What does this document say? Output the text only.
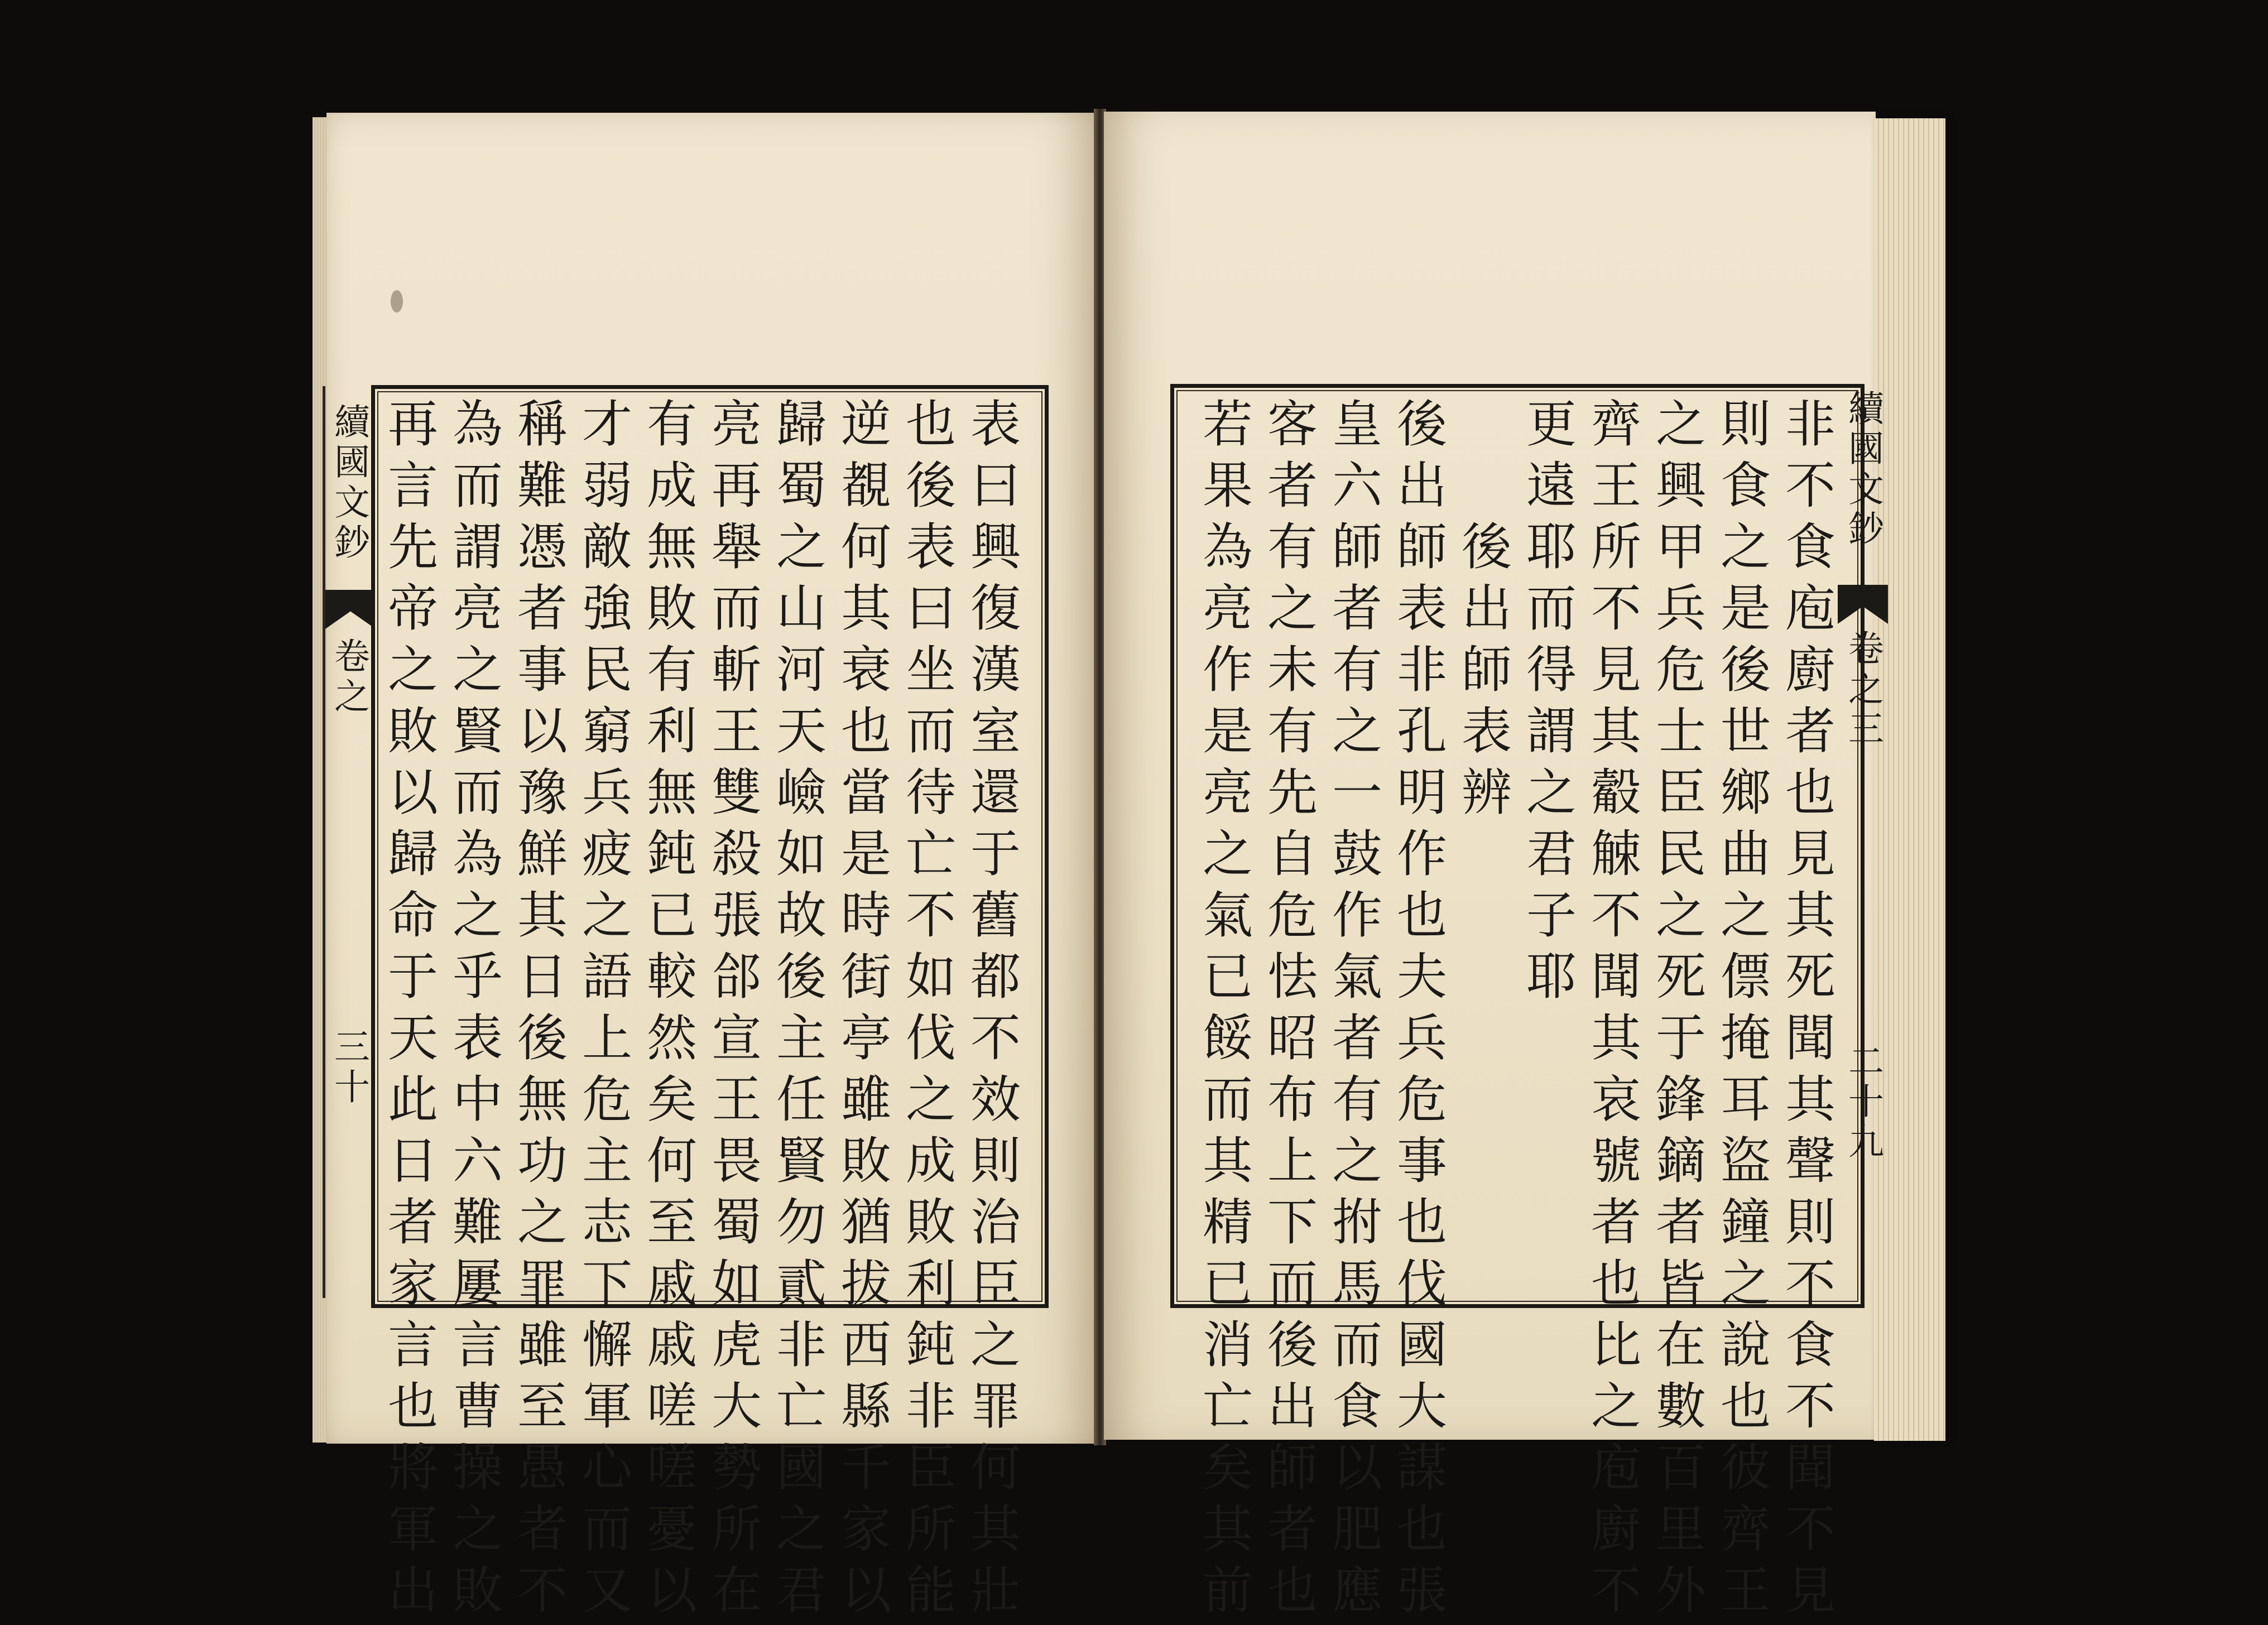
續國文鈔
卷之
三十	表曰興復漢室還于舊都不效則治臣之罪何其壯
也後表曰坐而待亡不如伐之成敗利鈍非臣所能
逆覩何其衰也當是時街亭雖敗猶拔西縣千家以
歸蜀之山河天嶮如故後主任賢勿貳非亡國之君
亮再舉而斬王雙殺張郃宣王畏蜀如虎大勢所在
有成無敗有利無鈍已較然矣何至戚戚嗟嗟憂以
才弱敵強民窮兵疲之語上危主志下懈軍心而又
稱難憑者事以豫鮮其日後無功之罪雖至愚者不
為而謂亮之賢而為之乎表中六難屢言曹操之敗
再言先帝之敗以歸命于天此日者家言也將軍出	非不食庖廚者也見其死聞其聲則不食不聞不見
則食之是後世鄉曲之僄掩耳盜鐘之說也彼齊王
之興甲兵危士臣民之死于鋒鏑者皆在數百里外
齊王所不見其觳觫不聞其哀號者也比之庖廚不
更遠耶而得謂之君子耶
後出師表辨
後出師表非孔明作也夫兵危事也伐國大謀也張
皇六師者有之一鼓作氣者有之拊馬而食以肥應
客者有之未有先自危怯昭布上下而後出師者也
若果為亮作是亮之氣已餒而其精已消亡矣其前	續國文鈔
卷之三
二十九
